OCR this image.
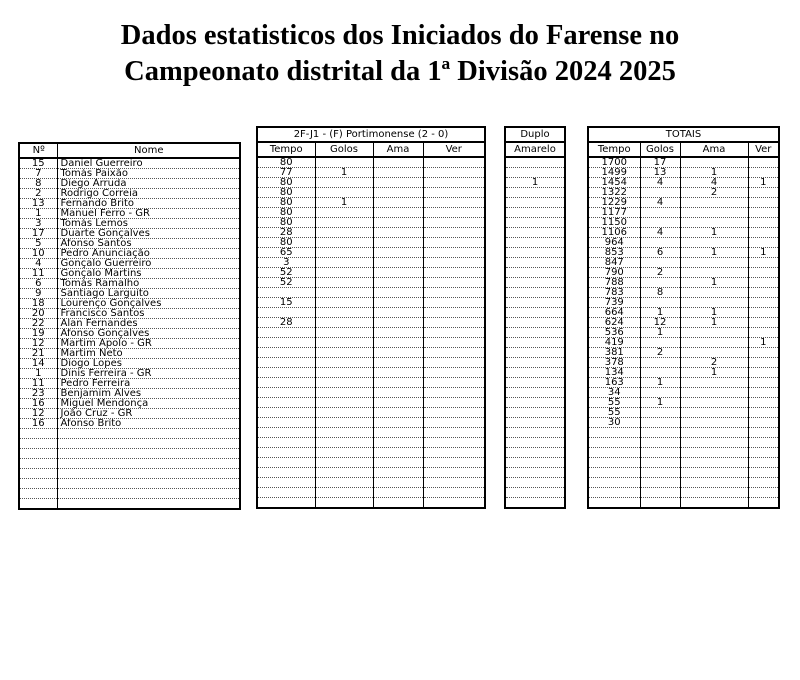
Dados estatisticos dos Iniciados do Farense no
Campeonato distrital da 1ª Divisão 2024 2025
Nº	Nome
15	Daniel Guerreiro
7	Tomás Paixão
8	Diego Arruda
2	Rodrigo Correia
13	Fernando Brito
1	Manuel Ferro - GR
3	Tomás Lemos
17	Duarte Gonçalves
5	Afonso Santos
10	Pedro Anunciação
4	Gonçalo Guerreiro
11	Gonçalo Martins
6	Tomás Ramalho
9	Santiago Larguito
18	Lourenço Gonçalves
20	Francisco Santos
22	Alan Fernandes
19	Afonso Gonçalves
12	Martim Apolo - GR
21	Martim Neto
14	Diogo Lopes
1	Dinis Ferreira - GR
11	Pedro Ferreira
23	Benjamim Alves
16	Miguel Mendonça
12	João Cruz - GR
16	Afonso Brito

2F-J1 - (F) Portimonense (2 - 0)			
Tempo	Golos	Ama	Ver
80			
77	1		
80			
80			
80	1		
80			
80			
28			
80			
65			
3			
52			
52			

15			

28			

Duplo
Amarelo

1

TOTAIS			
Tempo	Golos	Ama	Ver
1700	17		
1499	13	1	
1454	4	4	1
1322		2	
1229	4		
1177			
1150			
1106	4	1	
964			
853	6	1	1
847			
790	2		
788		1	
783	8		
739			
664	1	1	
624	12	1	
536	1		
419			1
381	2		
378		2	
134		1	
163	1		
34			
55	1		
55			
30			
